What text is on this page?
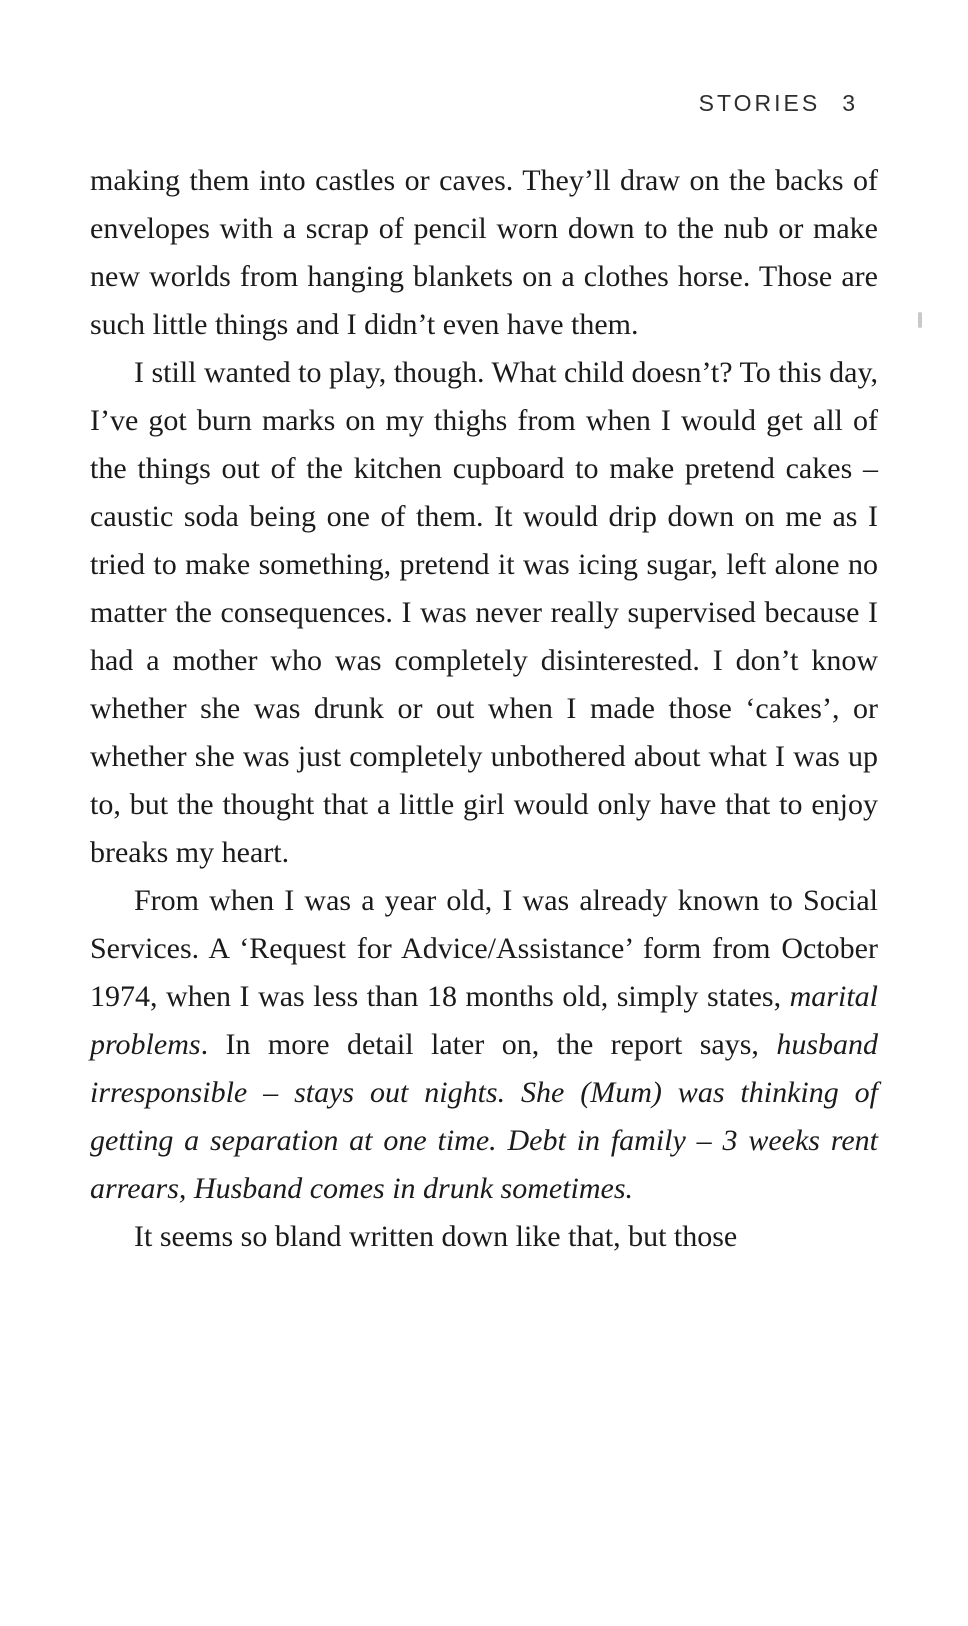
STORIES 3

making them into castles or caves. They’ll draw on the backs of envelopes with a scrap of pencil worn down to the nub or make new worlds from hanging blankets on a clothes horse. Those are such little things and I didn’t even have them.

I still wanted to play, though. What child doesn’t? To this day, I’ve got burn marks on my thighs from when I would get all of the things out of the kitchen cupboard to make pretend cakes – caustic soda being one of them. It would drip down on me as I tried to make something, pretend it was icing sugar, left alone no matter the consequences. I was never really supervised because I had a mother who was completely disinterested. I don’t know whether she was drunk or out when I made those ‘cakes’, or whether she was just completely unbothered about what I was up to, but the thought that a little girl would only have that to enjoy breaks my heart.

From when I was a year old, I was already known to Social Services. A ‘Request for Advice/Assistance’ form from October 1974, when I was less than 18 months old, simply states, marital problems. In more detail later on, the report says, husband irresponsible – stays out nights. She (Mum) was thinking of getting a separation at one time. Debt in family – 3 weeks rent arrears, Husband comes in drunk sometimes.

It seems so bland written down like that, but those
